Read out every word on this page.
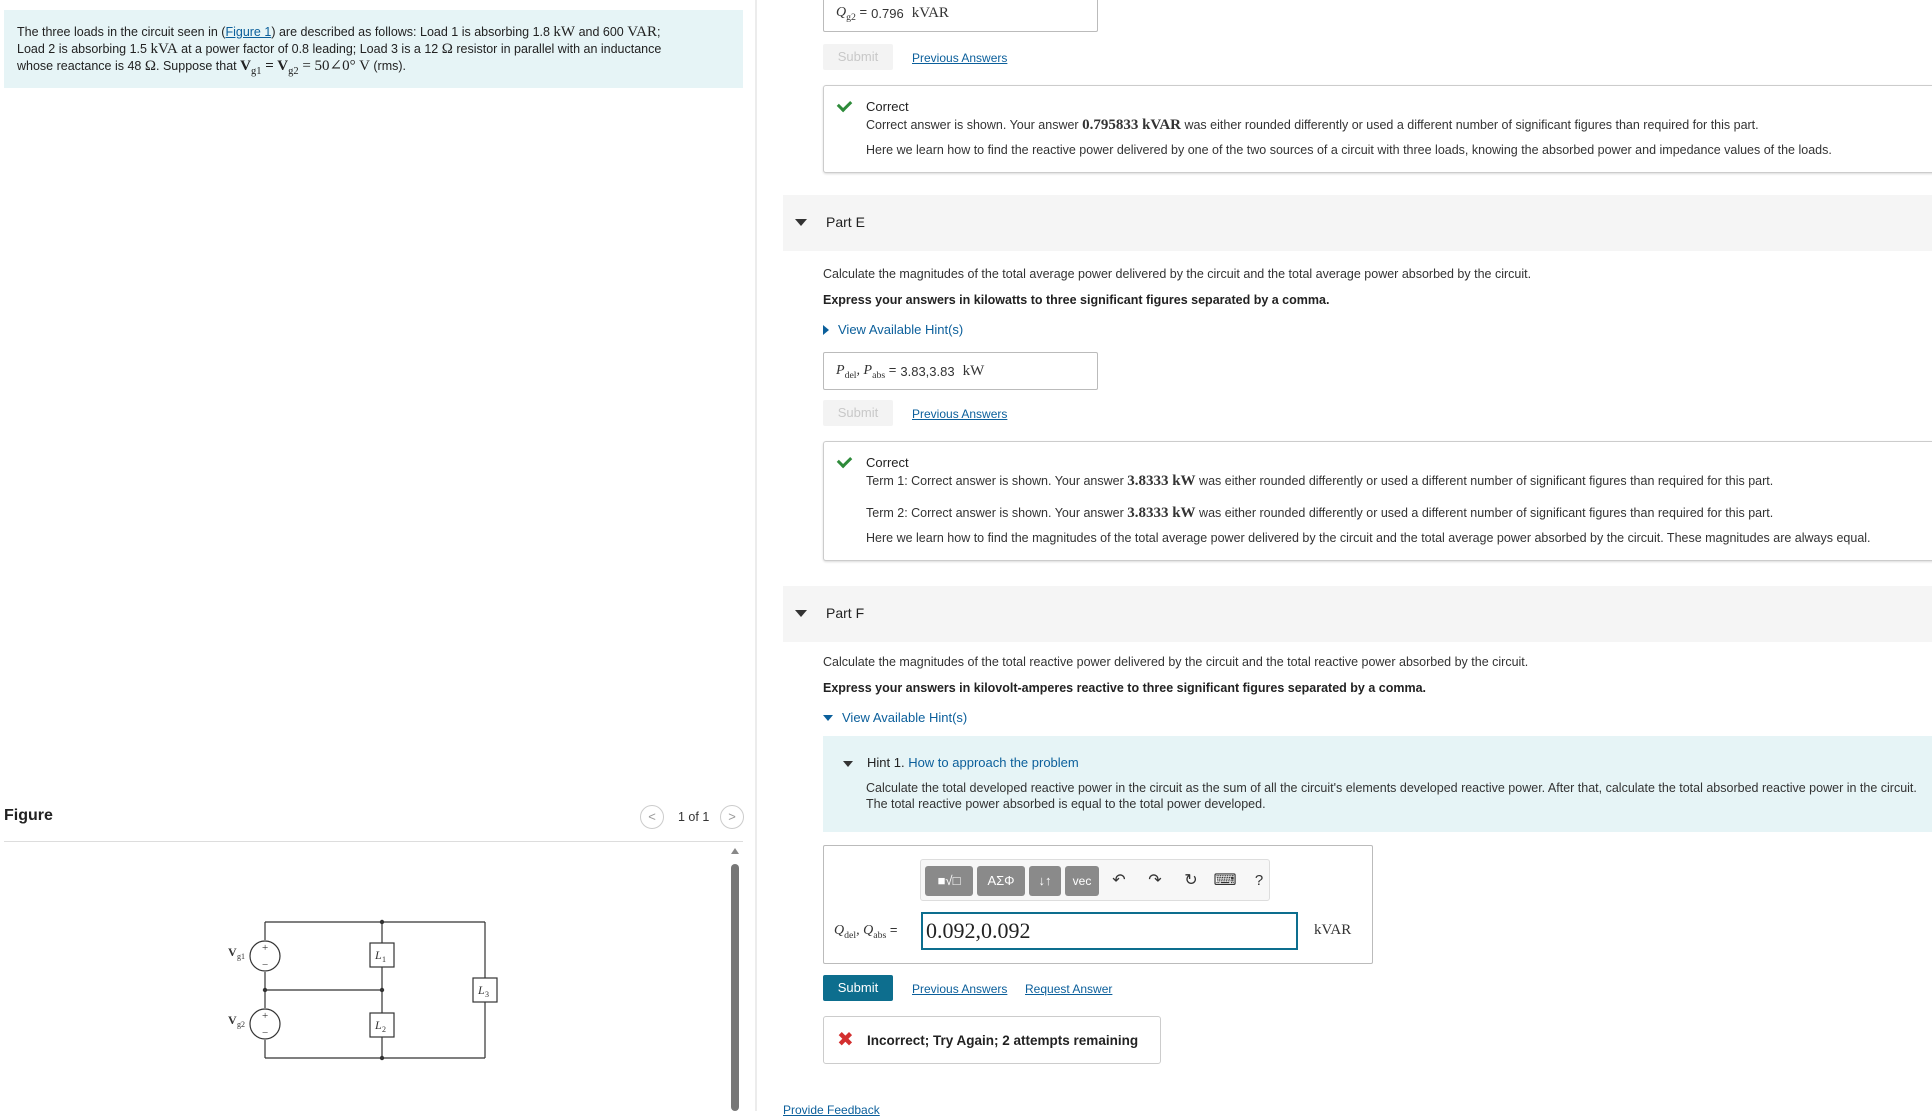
The three loads in the circuit seen in (Figure 1) are described as follows: Load 1 is absorbing 1.8 kW and 600 VAR;

Load 2 is absorbing 1.5 kVA at a power factor of 0.8 leading; Load 3 is a 12 Ω resistor in parallel with an inductance

whose reactance is 48 Ω. Suppose that $V_{g1} = V_{g2}$ = 50∠0° V (rms).

Figure	<	1 of 1	>
+
−
+
−
V g1
V g2
L 1
L 2
L 3
$Q_{g2} = 0.796$ kVAR
Submit	Previous Answers
Correct
Correct answer is shown. Your answer 0.795833 kVAR was either rounded differently or used a different number of significant figures than required for this part.
Here we learn how to find the reactive power delivered by one of the two sources of a circuit with three loads, knowing the absorbed power and impedance values of the loads.
Part E
Calculate the magnitudes of the total average power delivered by the circuit and the total average power absorbed by the circuit.
Express your answers in kilowatts to three significant figures separated by a comma.
View Available Hint(s)
$P_{del}$, $P_{abs} = 3.83,3.83$ kW
Submit	Previous Answers
Correct
Term 1: Correct answer is shown. Your answer 3.8333 kW was either rounded differently or used a different number of significant figures than required for this part.
Term 2: Correct answer is shown. Your answer 3.8333 kW was either rounded differently or used a different number of significant figures than required for this part.
Here we learn how to find the magnitudes of the total average power delivered by the circuit and the total average power absorbed by the circuit. These magnitudes are always equal.
Part F
Calculate the magnitudes of the total reactive power delivered by the circuit and the total reactive power absorbed by the circuit.
Express your answers in kilovolt-amperes reactive to three significant figures separated by a comma.
View Available Hint(s)
Hint 1. How to approach the problem
Calculate the total developed reactive power in the circuit as the sum of all the circuit's elements developed reactive power. After that, calculate the total absorbed reactive power in the circuit. The total reactive power absorbed is equal to the total power developed.
■√□	ΑΣΦ	↓↑	vec	↶	↷	↻ ⌨	?
$Q_{del}$, $Q_{abs}$ =
0.092,0.092	kVAR
Submit	Previous Answers Request Answer
✖ Incorrect; Try Again; 2 attempts remaining
Provide Feedback
